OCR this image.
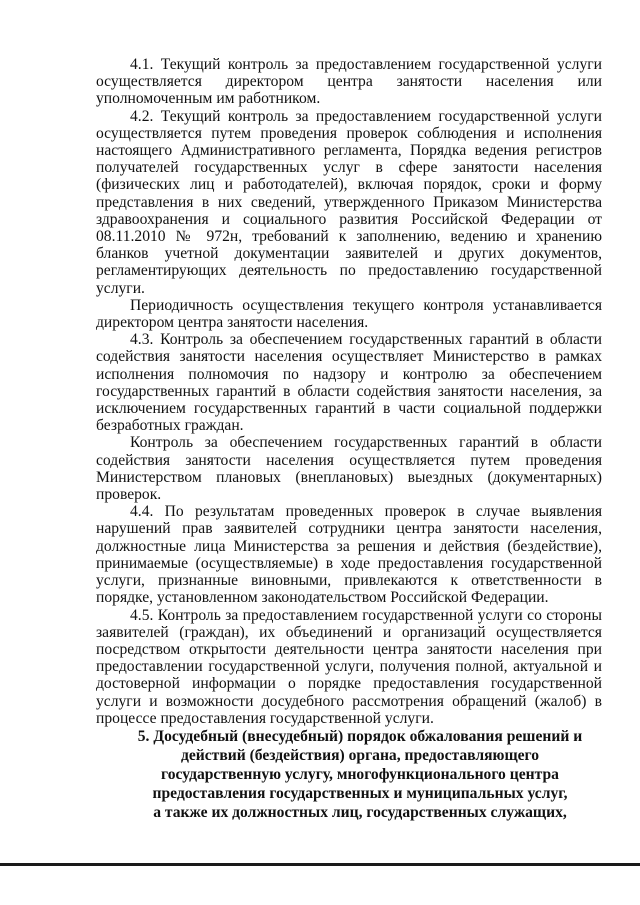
4.1. Текущий контроль за предоставлением государственной услуги осуществляется директором центра занятости населения или уполномоченным им работником.

4.2. Текущий контроль за предоставлением государственной услуги осуществляется путем проведения проверок соблюдения и исполнения настоящего Административного регламента, Порядка ведения регистров получателей государственных услуг в сфере занятости населения (физических лиц и работодателей), включая порядок, сроки и форму представления в них сведений, утвержденного Приказом Министерства здравоохранения и социального развития Российской Федерации от 08.11.2010 № 972н, требований к заполнению, ведению и хранению бланков учетной документации заявителей и других документов, регламентирующих деятельность по предоставлению государственной услуги.

Периодичность осуществления текущего контроля устанавливается директором центра занятости населения.

4.3. Контроль за обеспечением государственных гарантий в области содействия занятости населения осуществляет Министерство в рамках исполнения полномочия по надзору и контролю за обеспечением государственных гарантий в области содействия занятости населения, за исключением государственных гарантий в части социальной поддержки безработных граждан.

Контроль за обеспечением государственных гарантий в области содействия занятости населения осуществляется путем проведения Министерством плановых (внеплановых) выездных (документарных) проверок.

4.4. По результатам проведенных проверок в случае выявления нарушений прав заявителей сотрудники центра занятости населения, должностные лица Министерства за решения и действия (бездействие), принимаемые (осуществляемые) в ходе предоставления государственной услуги, признанные виновными, привлекаются к ответственности в порядке, установленном законодательством Российской Федерации.

4.5. Контроль за предоставлением государственной услуги со стороны заявителей (граждан), их объединений и организаций осуществляется посредством открытости деятельности центра занятости населения при предоставлении государственной услуги, получения полной, актуальной и достоверной информации о порядке предоставления государственной услуги и возможности досудебного рассмотрения обращений (жалоб) в процессе предоставления государственной услуги.

5. Досудебный (внесудебный) порядок обжалования решений и
действий (бездействия) органа, предоставляющего
государственную услугу, многофункционального центра
предоставления государственных и муниципальных услуг,
а также их должностных лиц, государственных служащих,
